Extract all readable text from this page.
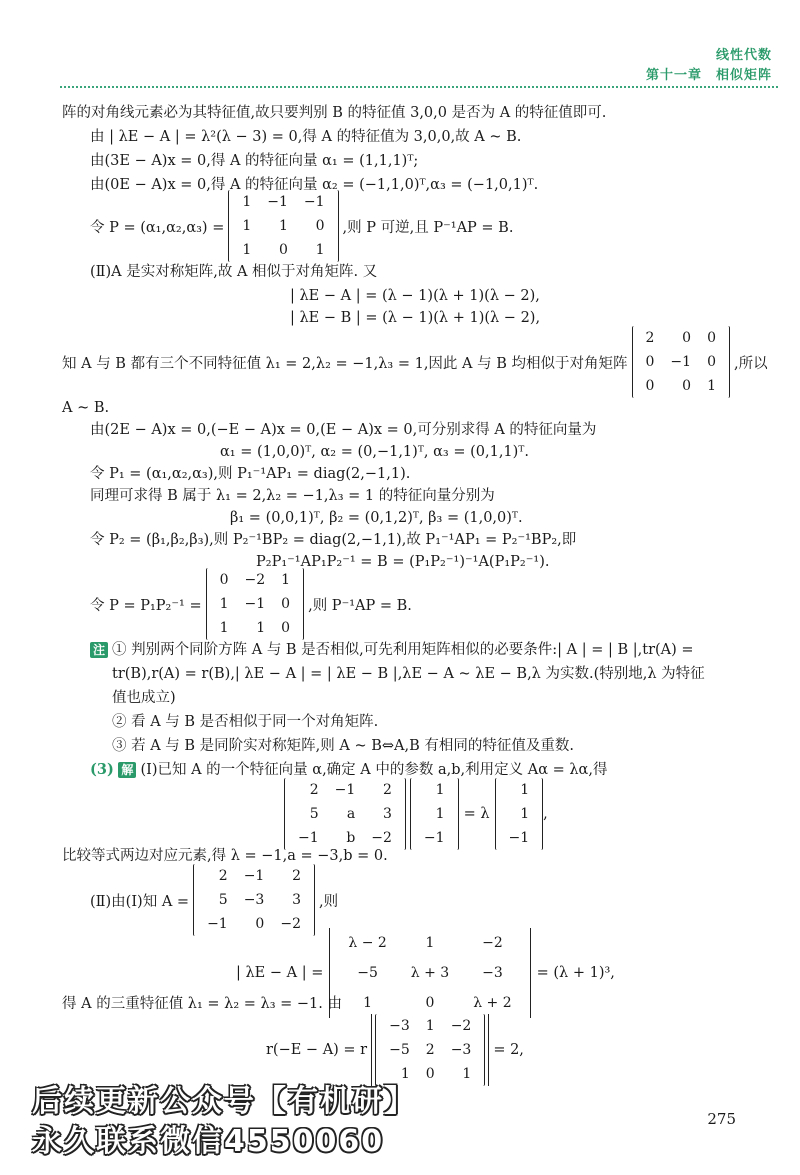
线性代数
第十一章　相似矩阵
阵的对角线元素必为其特征值,故只要判别 B 的特征值 3,0,0 是否为 A 的特征值即可.
由 | λE − A | = λ²(λ − 3) = 0,得 A 的特征值为 3,0,0,故 A ~ B.
由(3E − A)x = 0,得 A 的特征向量 α₁ = (1,1,1)ᵀ;
由(0E − A)x = 0,得 A 的特征向量 α₂ = (−1,1,0)ᵀ,α₃ = (−1,0,1)ᵀ.
令 P = (α₁,α₂,α₃) =
1	−1	−1
1	1	0
1	0	1
,则 P 可逆,且 P⁻¹AP = B.
(Ⅱ)A 是实对称矩阵,故 A 相似于对角矩阵. 又
| λE − A | = (λ − 1)(λ + 1)(λ − 2),
| λE − B | = (λ − 1)(λ + 1)(λ − 2),
知 A 与 B 都有三个不同特征值 λ₁ = 2,λ₂ = −1,λ₃ = 1,因此 A 与 B 均相似于对角矩阵
2	0	0
0	−1	0
0	0	1
,所以
A ~ B.
由(2E − A)x = 0,(−E − A)x = 0,(E − A)x = 0,可分别求得 A 的特征向量为
α₁ = (1,0,0)ᵀ, α₂ = (0,−1,1)ᵀ, α₃ = (0,1,1)ᵀ.
令 P₁ = (α₁,α₂,α₃),则 P₁⁻¹AP₁ = diag(2,−1,1).
同理可求得 B 属于 λ₁ = 2,λ₂ = −1,λ₃ = 1 的特征向量分别为
β₁ = (0,0,1)ᵀ, β₂ = (0,1,2)ᵀ, β₃ = (1,0,0)ᵀ.
令 P₂ = (β₁,β₂,β₃),则 P₂⁻¹BP₂ = diag(2,−1,1),故 P₁⁻¹AP₁ = P₂⁻¹BP₂,即
P₂P₁⁻¹AP₁P₂⁻¹ = B = (P₁P₂⁻¹)⁻¹A(P₁P₂⁻¹).
令 P = P₁P₂⁻¹ =
0	−2	1
1	−1	0
1	1	0
,则 P⁻¹AP = B.
注 ① 判别两个同阶方阵 A 与 B 是否相似,可先利用矩阵相似的必要条件:| A | = | B |,tr(A) =
tr(B),r(A) = r(B),| λE − A | = | λE − B |,λE − A ~ λE − B,λ 为实数.(特别地,λ 为特征
值也成立)
② 看 A 与 B 是否相似于同一个对角矩阵.
③ 若 A 与 B 是同阶实对称矩阵,则 A ~ B⇔A,B 有相同的特征值及重数.
(3) 解 (Ⅰ)已知 A 的一个特征向量 α,确定 A 中的参数 a,b,利用定义 Aα = λα,得
2	−1	2
5	a	3
−1	b	−2
1
1
−1
= λ
1
1
−1
,
比较等式两边对应元素,得 λ = −1,a = −3,b = 0.
(Ⅱ)由(Ⅰ)知 A =
2	−1	2
5	−3	3
−1	0	−2
,则
| λE − A | =
λ − 2	1	−2
−5	λ + 3	−3
1	0	λ + 2
= (λ + 1)³,
得 A 的三重特征值 λ₁ = λ₂ = λ₃ = −1. 由
r(−E − A) = r
−3	1	−2
−5	2	−3
1	0	1
= 2,
275
后续更新公众号【有机研】
永久联系微信4550060
